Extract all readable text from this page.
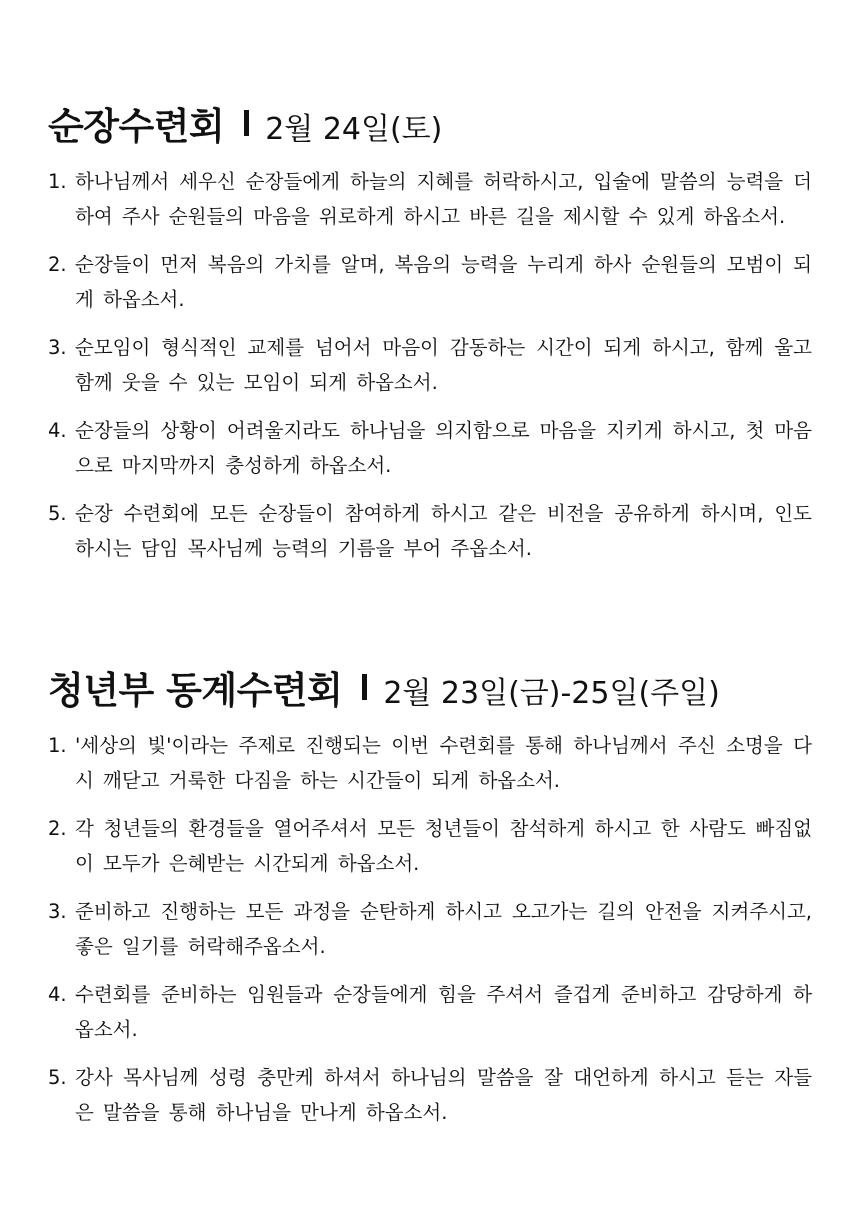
순장수련회 2월 24일(토)
1. 하나님께서 세우신 순장들에게 하늘의 지혜를 허락하시고, 입술에 말씀의 능력을 더하여 주사 순원들의 마음을 위로하게 하시고 바른 길을 제시할 수 있게 하옵소서.
2. 순장들이 먼저 복음의 가치를 알며, 복음의 능력을 누리게 하사 순원들의 모범이 되게 하옵소서.
3. 순모임이 형식적인 교제를 넘어서 마음이 감동하는 시간이 되게 하시고, 함께 울고 함께 웃을 수 있는 모임이 되게 하옵소서.
4. 순장들의 상황이 어려울지라도 하나님을 의지함으로 마음을 지키게 하시고, 첫 마음으로 마지막까지 충성하게 하옵소서.
5. 순장 수련회에 모든 순장들이 참여하게 하시고 같은 비전을 공유하게 하시며, 인도하시는 담임 목사님께 능력의 기름을 부어 주옵소서.
청년부 동계수련회 2월 23일(금)-25일(주일)
1. '세상의 빛'이라는 주제로 진행되는 이번 수련회를 통해 하나님께서 주신 소명을 다시 깨닫고 거룩한 다짐을 하는 시간들이 되게 하옵소서.
2. 각 청년들의 환경들을 열어주셔서 모든 청년들이 참석하게 하시고 한 사람도 빠짐없이 모두가 은혜받는 시간되게 하옵소서.
3. 준비하고 진행하는 모든 과정을 순탄하게 하시고 오고가는 길의 안전을 지켜주시고, 좋은 일기를 허락해주옵소서.
4. 수련회를 준비하는 임원들과 순장들에게 힘을 주셔서 즐겁게 준비하고 감당하게 하옵소서.
5. 강사 목사님께 성령 충만케 하셔서 하나님의 말씀을 잘 대언하게 하시고 듣는 자들은 말씀을 통해 하나님을 만나게 하옵소서.
